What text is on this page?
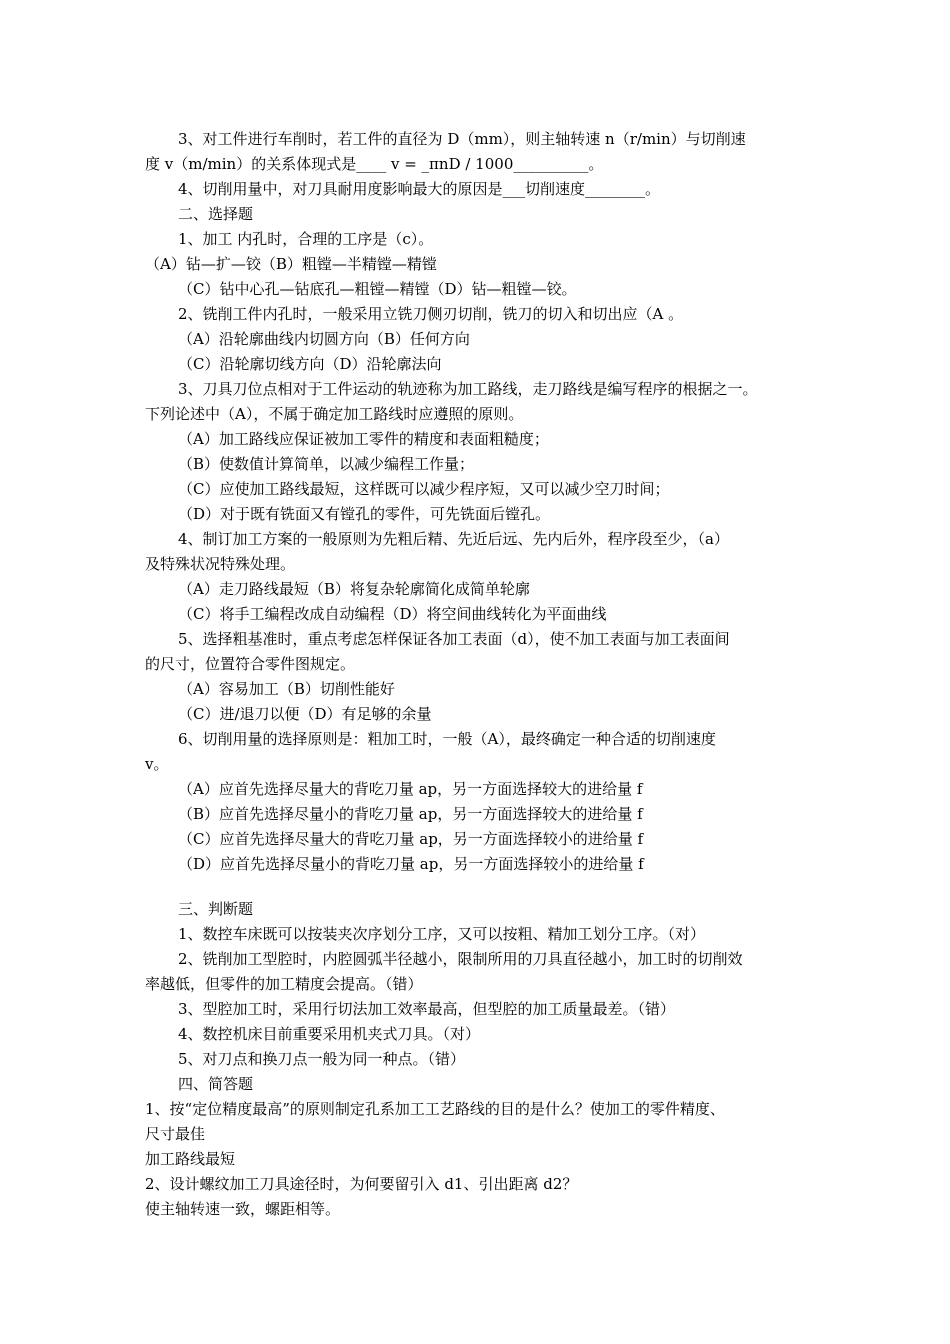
3、对工件进行车削时，若工件的直径为 D（mm），则主轴转速 n（r/min）与切削速
度 v（m/min）的关系体现式是____ v = _πnD / 1000__________。
4、切削用量中，对刀具耐用度影响最大的原因是___切削速度________。
二、选择题
1、加工 内孔时，合理的工序是（c）。
（A）钻—扩—铰（B）粗镗—半精镗—精镗
（C）钻中心孔—钻底孔—粗镗—精镗（D）钻—粗镗—铰。
2、铣削工件内孔时，一般采用立铣刀侧刃切削，铣刀的切入和切出应（A 。
（A）沿轮廓曲线内切圆方向（B）任何方向
（C）沿轮廓切线方向（D）沿轮廓法向
3、刀具刀位点相对于工件运动的轨迹称为加工路线，走刀路线是编写程序的根据之一。
下列论述中（A），不属于确定加工路线时应遵照的原则。
（A）加工路线应保证被加工零件的精度和表面粗糙度；
（B）使数值计算简单，以减少编程工作量；
（C）应使加工路线最短，这样既可以减少程序短，又可以减少空刀时间；
（D）对于既有铣面又有镗孔的零件，可先铣面后镗孔。
4、制订加工方案的一般原则为先粗后精、先近后远、先内后外，程序段至少，（a）
及特殊状况特殊处理。
（A）走刀路线最短（B）将复杂轮廓简化成简单轮廓
（C）将手工编程改成自动编程（D）将空间曲线转化为平面曲线
5、选择粗基准时，重点考虑怎样保证各加工表面（d），使不加工表面与加工表面间
的尺寸，位置符合零件图规定。
（A）容易加工（B）切削性能好
（C）进/退刀以便（D）有足够的余量
6、切削用量的选择原则是：粗加工时，一般（A），最终确定一种合适的切削速度
v。
（A）应首先选择尽量大的背吃刀量 ap，另一方面选择较大的进给量 f
（B）应首先选择尽量小的背吃刀量 ap，另一方面选择较大的进给量 f
（C）应首先选择尽量大的背吃刀量 ap，另一方面选择较小的进给量 f
（D）应首先选择尽量小的背吃刀量 ap，另一方面选择较小的进给量 f
三、判断题
1、数控车床既可以按装夹次序划分工序，又可以按粗、精加工划分工序。（对）
2、铣削加工型腔时，内腔圆弧半径越小，限制所用的刀具直径越小，加工时的切削效
率越低，但零件的加工精度会提高。（错）
3、型腔加工时，采用行切法加工效率最高，但型腔的加工质量最差。（错）
4、数控机床目前重要采用机夹式刀具。（对）
5、对刀点和换刀点一般为同一种点。（错）
四、简答题
1、按“定位精度最高”的原则制定孔系加工工艺路线的目的是什么？使加工的零件精度、
尺寸最佳
加工路线最短
2、设计螺纹加工刀具途径时，为何要留引入 d1、引出距离 d2？
使主轴转速一致，螺距相等。
